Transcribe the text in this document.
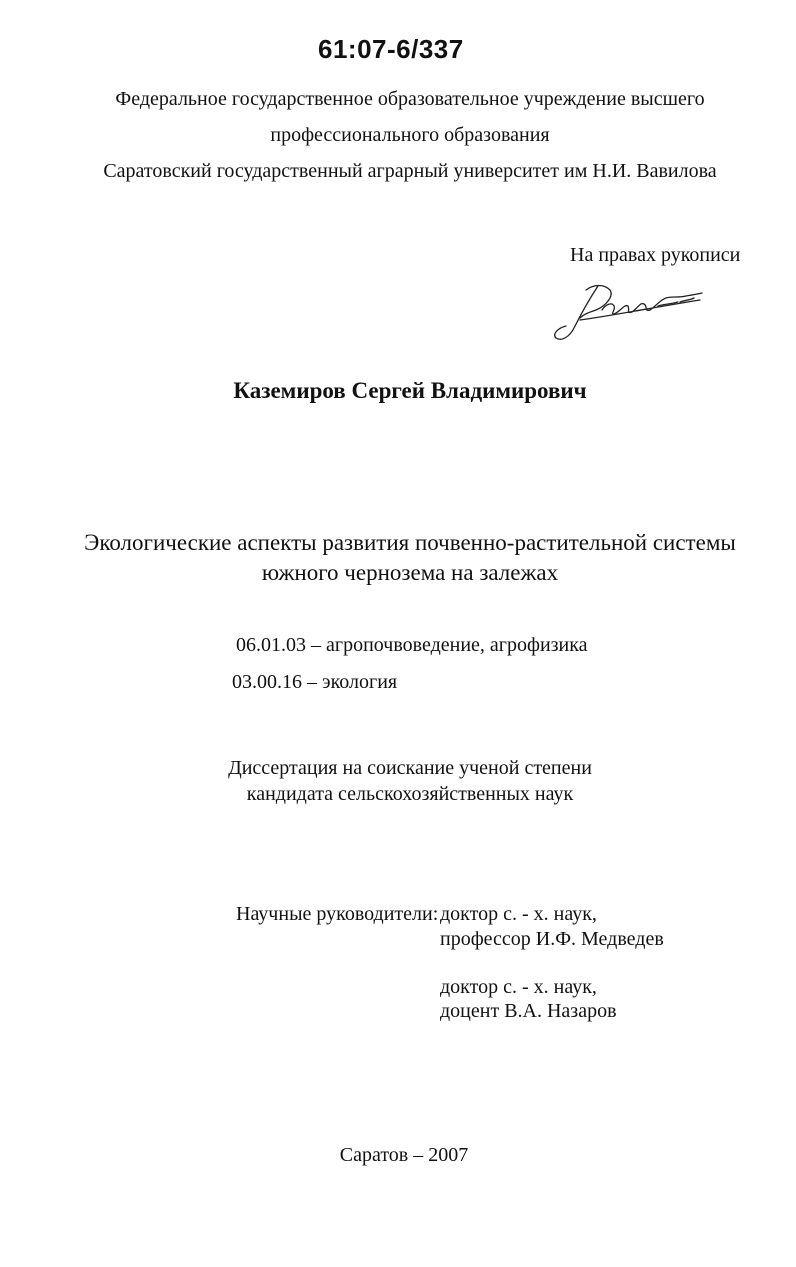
61:07-6/337
Федеральное государственное образовательное учреждение высшего
профессионального образования
Саратовский государственный аграрный университет им Н.И. Вавилова
На правах рукописи
Каземиров Сергей Владимирович
Экологические аспекты развития почвенно-растительной системы
южного чернозема на залежах
06.01.03 – агропочвоведение, агрофизика
03.00.16 – экология
Диссертация на соискание ученой степени
кандидата сельскохозяйственных наук
Научные руководители: доктор с. - х. наук,
профессор И.Ф. Медведев
доктор с. - х. наук,
доцент В.А. Назаров
Саратов – 2007
